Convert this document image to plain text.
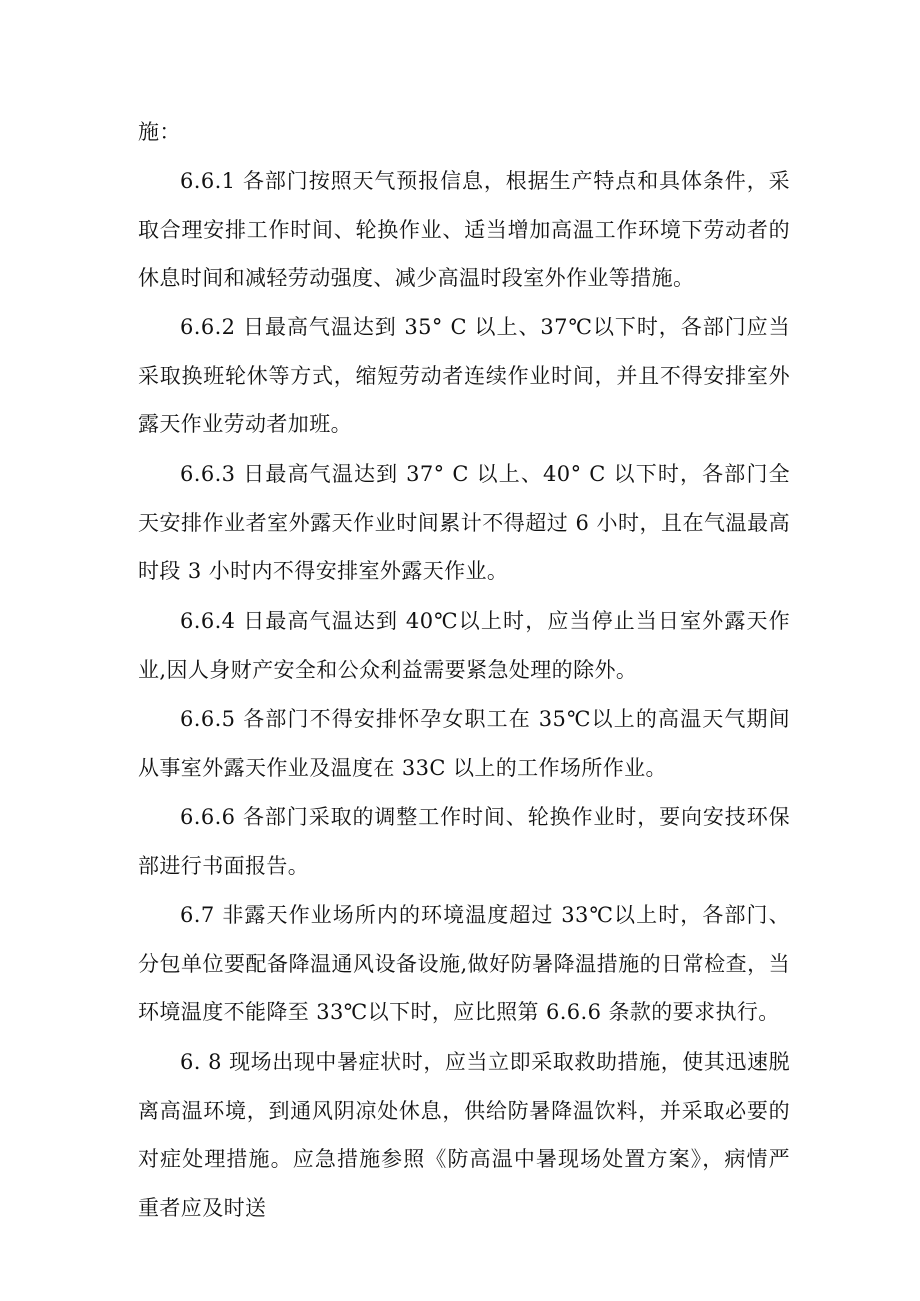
施：

6.6.1 各部门按照天气预报信息，根据生产特点和具体条件，采取合理安排工作时间、轮换作业、适当增加高温工作环境下劳动者的休息时间和减轻劳动强度、减少高温时段室外作业等措施。

6.6.2 日最高气温达到 35° C 以上、37℃以下时，各部门应当采取换班轮休等方式，缩短劳动者连续作业时间，并且不得安排室外露天作业劳动者加班。

6.6.3 日最高气温达到 37° C 以上、40° C 以下时，各部门全天安排作业者室外露天作业时间累计不得超过 6 小时，且在气温最高时段 3 小时内不得安排室外露天作业。

6.6.4 日最高气温达到 40℃以上时，应当停止当日室外露天作业,因人身财产安全和公众利益需要紧急处理的除外。

6.6.5 各部门不得安排怀孕女职工在 35℃以上的高温天气期间从事室外露天作业及温度在 33C 以上的工作场所作业。

6.6.6 各部门采取的调整工作时间、轮换作业时，要向安技环保部进行书面报告。

6.7 非露天作业场所内的环境温度超过 33℃以上时，各部门、分包单位要配备降温通风设备设施,做好防暑降温措施的日常检查，当环境温度不能降至 33℃以下时，应比照第 6.6.6 条款的要求执行。

6. 8 现场出现中暑症状时，应当立即采取救助措施，使其迅速脱离高温环境，到通风阴凉处休息，供给防暑降温饮料，并采取必要的对症处理措施。应急措施参照《防高温中暑现场处置方案》，病情严重者应及时送
